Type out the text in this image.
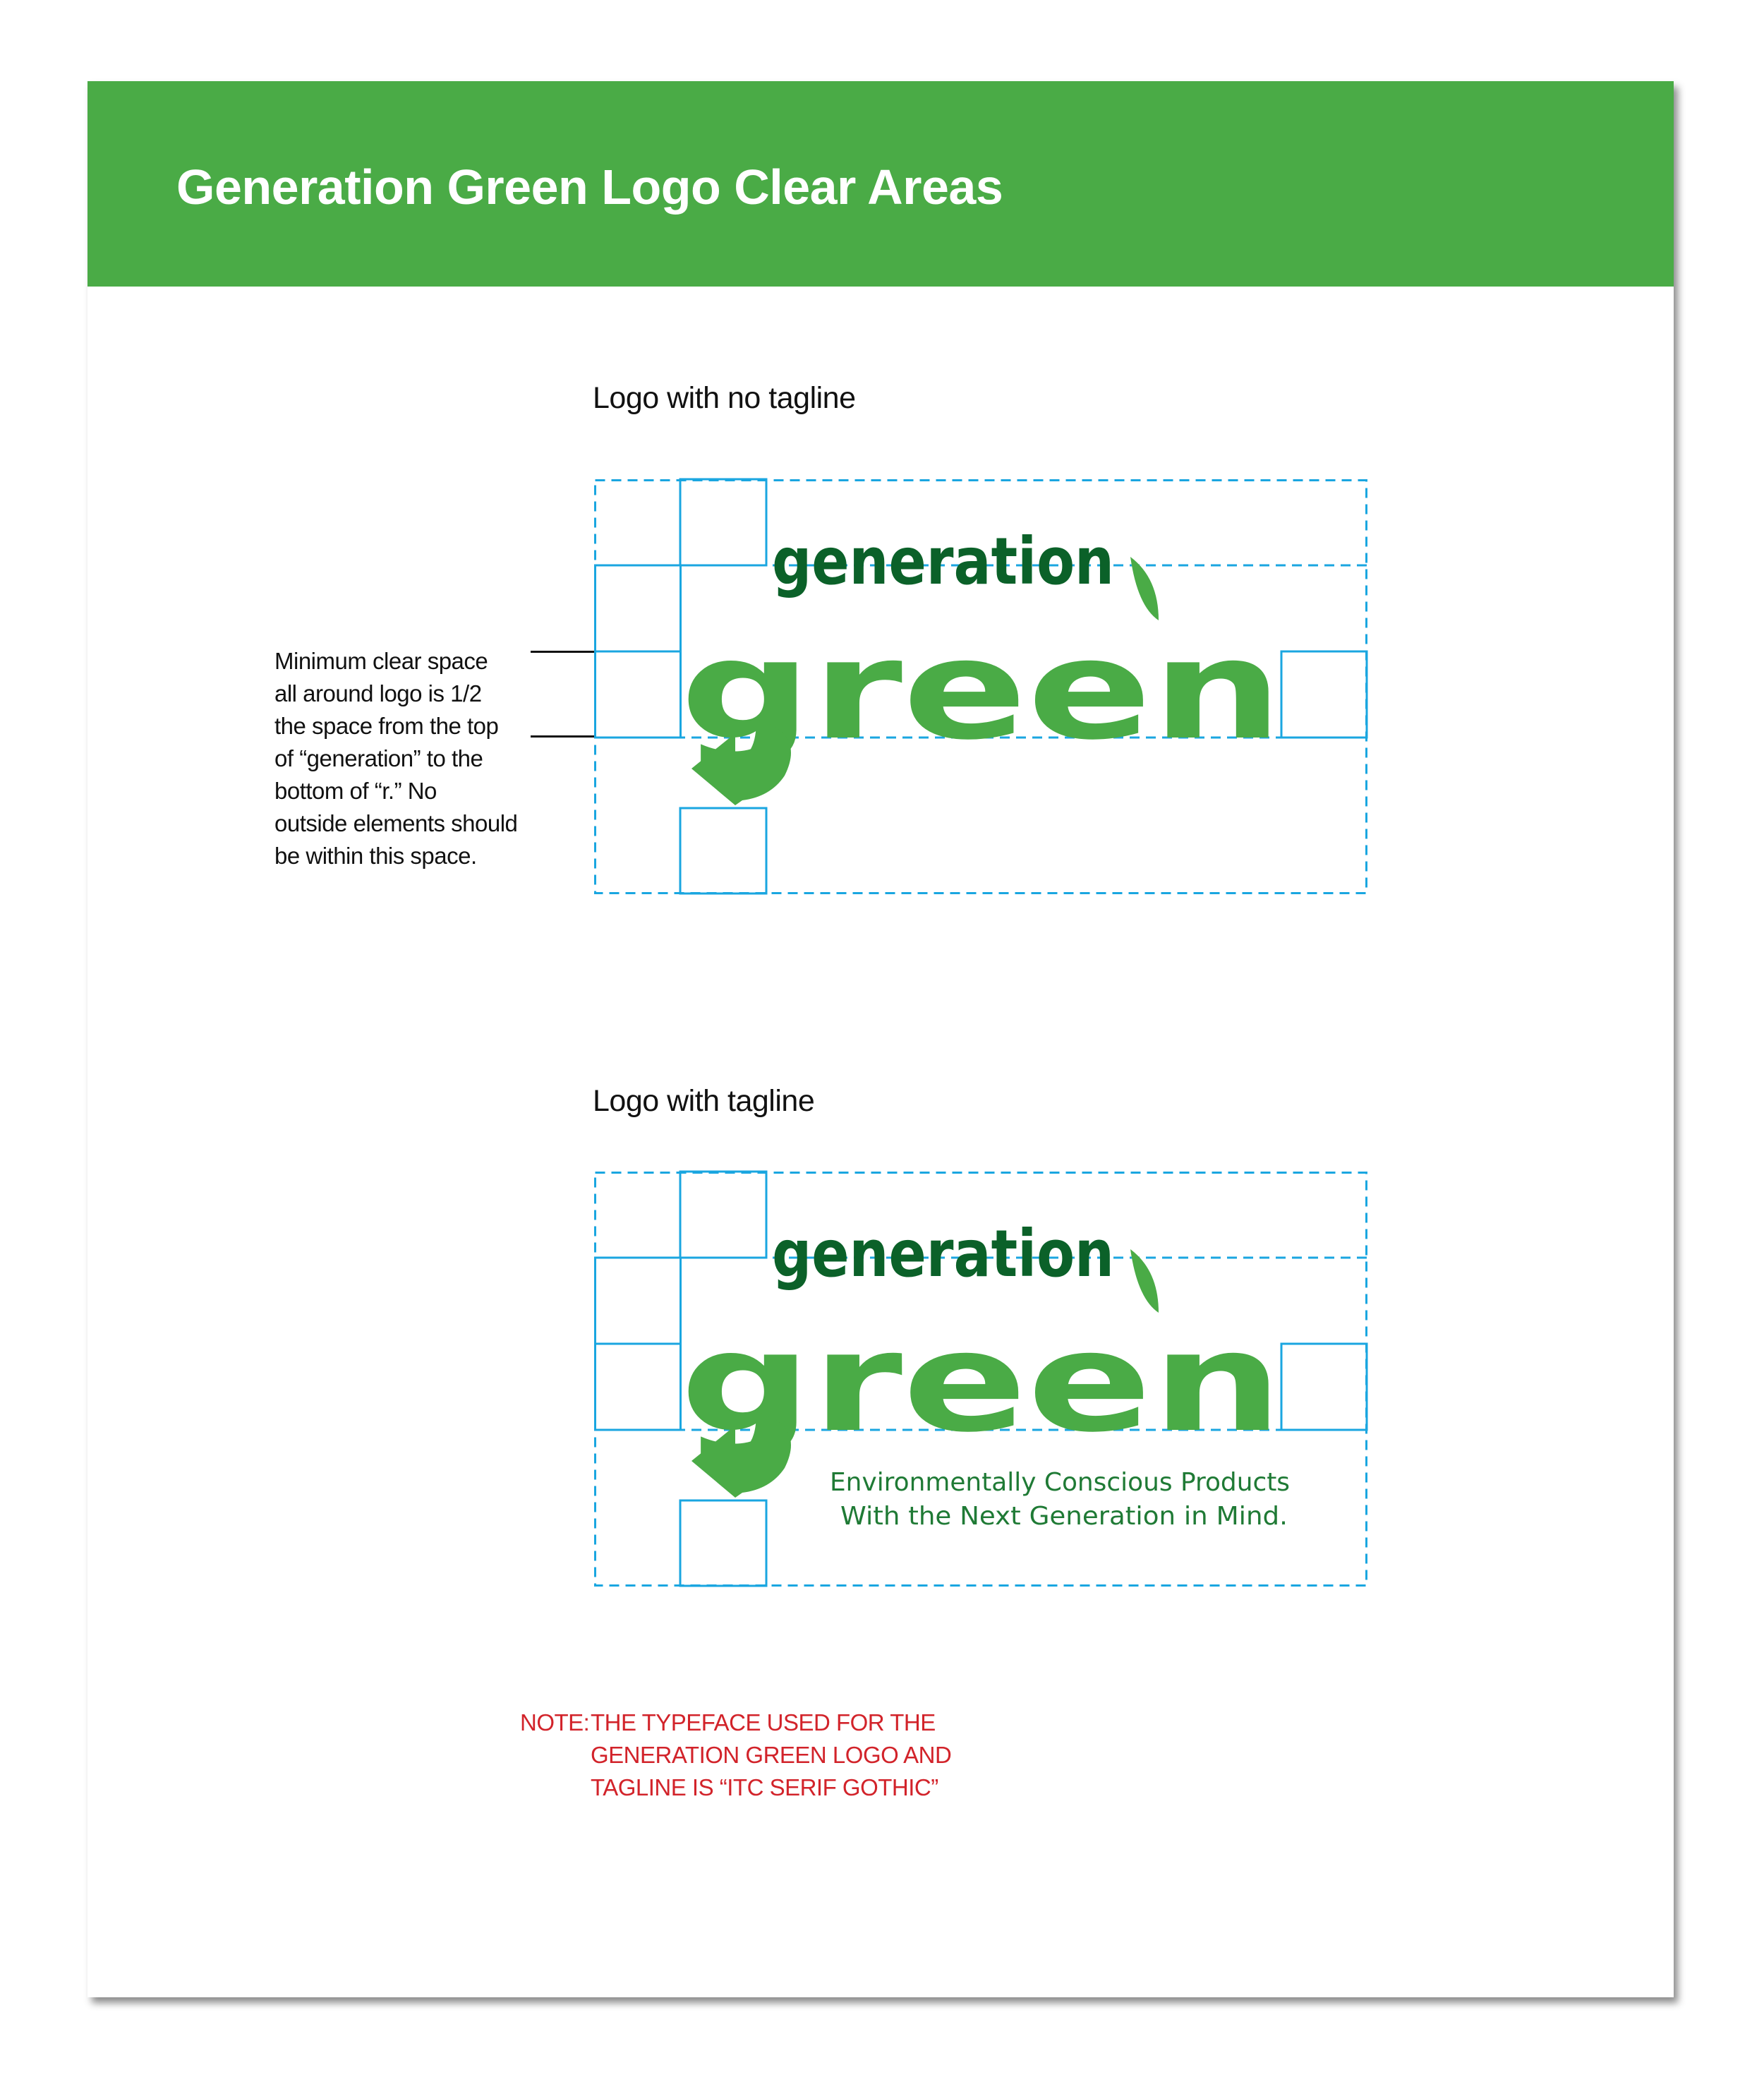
Generation Green Logo Clear Areas
Logo with no tagline
Logo with tagline
Minimum clear space
all around logo is 1/2
the space from the top
of “generation” to the
bottom of “r.” No
outside elements should
be within this space.
generation
green
generation
green
Environmentally Conscious Products
With the Next Generation in Mind.
NOTE: THE TYPEFACE USED FOR THE
GENERATION GREEN LOGO AND
TAGLINE IS “ITC SERIF GOTHIC”
